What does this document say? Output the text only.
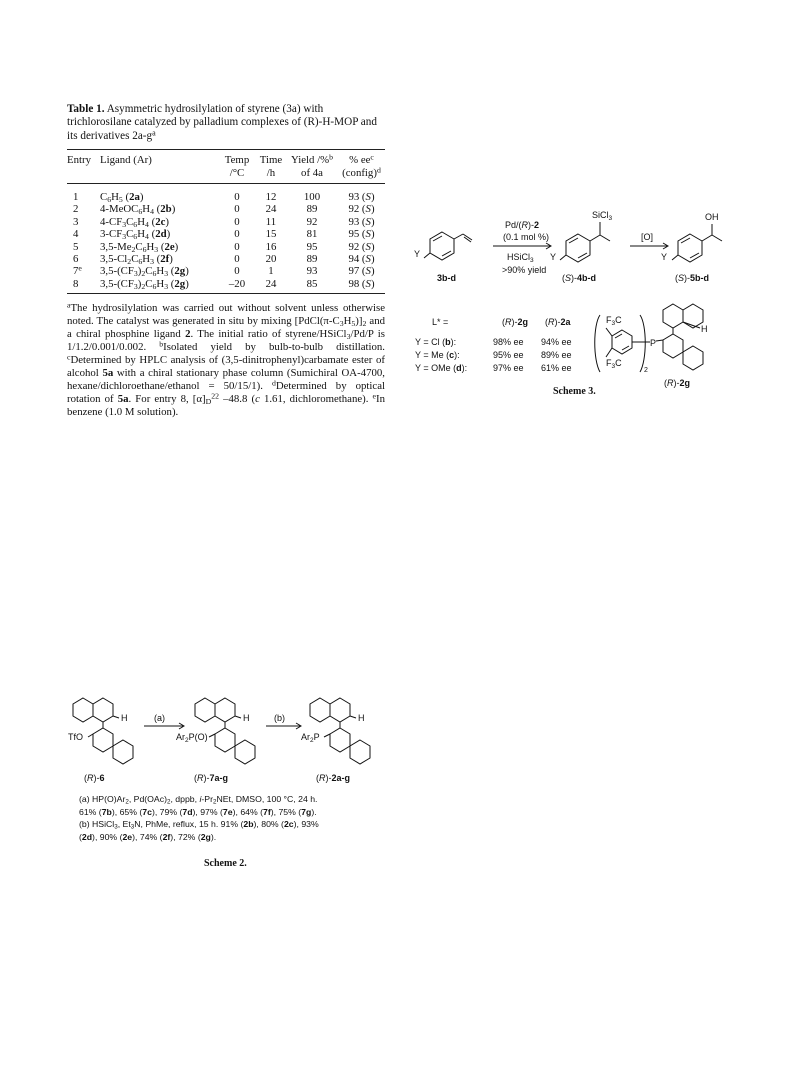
Table 1. Asymmetric hydrosilylation of styrene (3a) with trichlorosilane catalyzed by palladium complexes of (R)-H-MOP and its derivatives $2a-g^a$
Entry	Ligand (Ar)	Temp	Time	Yield /%$^b$	% $ee^c$
		/°C	/h	of 4a	(config)$^d$
1	$C_6H_5$ (2a)	0	12	100	93 (S)
2	$4-MeOC_6H_4$ (2b)	0	24	89	92 (S)
3	$4-CF_3C_6H_4$ (2c)	0	11	92	93 (S)
4	$3-CF_3C_6H_4$ (2d)	0	15	81	95 (S)
5	$3,5-Me_2C_6H_3$ (2e)	0	16	95	92 (S)
6	$3,5-Cl_2C_6H_3$ (2f)	0	20	89	94 (S)
7e	$3,5-(CF_3)_2C_6H_3$ (2g)	0	1	93	97 (S)
8	$3,5-(CF_3)_2C_6H_3$ (2g)	–20	24	85	98 (S)
$^a$The hydrosilylation was carried out without solvent unless otherwise noted. The catalyst was generated in situ by mixing $[PdCl(\pi-C_3H_5)]_2$ and a chiral phosphine ligand 2. The initial ratio of styrene/HSiCl$_3$/Pd/P is 1/1.2/0.001/0.002. $^b$Isolated yield by bulb-to-bulb distillation. $^c$Determined by HPLC analysis of (3,5-dinitrophenyl)carbamate ester of alcohol 5a with a chiral stationary phase column (Sumichiral OA-4700, hexane/dichloroethane/ethanol = 50/15/1). $^d$Determined by optical rotation of 5a. For entry 8, $[\alpha]_D^{22}$ –48.8 (c 1.61, dichloromethane). $^e$In benzene (1.0 M solution).
Y
3b-d
Pd/(R)-2
(0.1 mol %)
HSiCl$_3$
>90% yield
SiCl$_3$
Y
(S)-4b-d
[O]
OH
Y
(S)-5b-d
L* =	(R)-2g (R)-2a
Y = Cl (b):	98% ee 94% ee
Y = Me (c):	95% ee 89% ee
Y = OMe (d):	97% ee 61% ee
$F_3C$
$F_3C$
2
P
H
(R)-2g
Scheme 3.
H
TfO
(a)	H
$Ar_2P(O)$
(b)	H
$Ar_2P$
(R)-6	(R)-7a-g	(R)-2a-g
(a) $HP(O)Ar_2$, $Pd(OAc)_2$, dppb, $i-Pr_2NEt$, DMSO, 100 °C, 24 h.
61% (7b), 65% (7c), 79% (7d), 97% (7e), 64% (7f), 75% (7g).
(b) HSiCl$_3$, $Et_3N$, PhMe, reflux, 15 h. 91% (2b), 80% (2c), 93%
(2d), 90% (2e), 74% (2f), 72% (2g).
Scheme 2.
